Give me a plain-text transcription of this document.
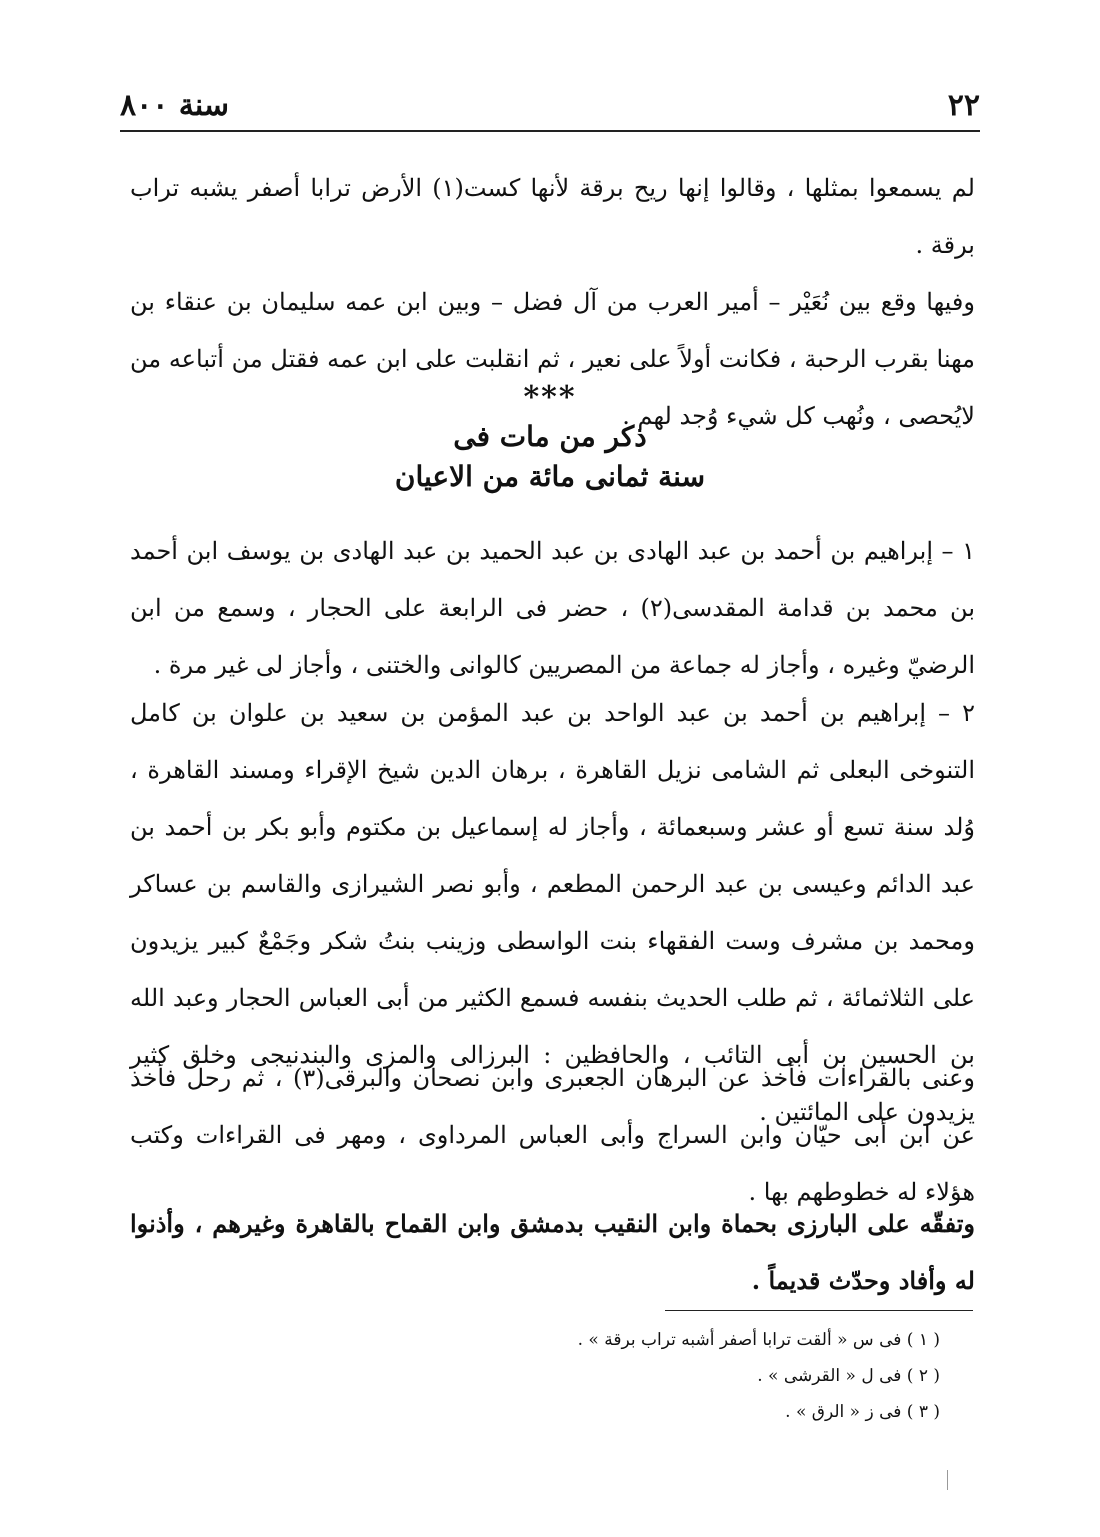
٢٢
سنة ٨٠٠
لم يسمعوا بمثلها ، وقالوا إنها ريح برقة لأنها كست(١) الأرض ترابا أصفر يشبه تراب برقة .
وفيها وقع بين نُعَيْر – أمير العرب من آل فضل – وبين ابن عمه سليمان بن عنقاء بن مهنا بقرب الرحبة ، فكانت أولاً على نعير ، ثم انقلبت على ابن عمه فقتل من أتباعه من لايُحصى ، ونُهب كل شيء وُجد لهم .
***
ذكر من مات فى
سنة ثمانى مائة من الاعيان
١ – إبراهيم بن أحمد بن عبد الهادى بن عبد الحميد بن عبد الهادى بن يوسف ابن أحمد بن محمد بن قدامة المقدسى(٢) ، حضر فى الرابعة على الحجار ، وسمع من ابن الرضيّ وغيره ، وأجاز له جماعة من المصريين كالوانى والختنى ، وأجاز لى غير مرة .
٢ – إبراهيم بن أحمد بن عبد الواحد بن عبد المؤمن بن سعيد بن علوان بن كامل التنوخى البعلى ثم الشامى نزيل القاهرة ، برهان الدين شيخ الإقراء ومسند القاهرة ، وُلد سنة تسع أو عشر وسبعمائة ، وأجاز له إسماعيل بن مكتوم وأبو بكر بن أحمد بن عبد الدائم وعيسى بن عبد الرحمن المطعم ، وأبو نصر الشيرازى والقاسم بن عساكر ومحمد بن مشرف وست الفقهاء بنت الواسطى وزينب بنتُ شكر وجَمْعٌ كبير يزيدون على الثلاثمائة ، ثم طلب الحديث بنفسه فسمع الكثير من أبى العباس الحجار وعبد الله بن الحسين بن أبى التائب ، والحافظين : البرزالى والمزى والبندنيجى وخلق كثير يزيدون على المائتين .
وعنى بالقراءات فأخذ عن البرهان الجعبرى وابن نصحان والبرقى(٣) ، ثم رحل فأخذ عن ابن أبى حيّان وابن السراج وأبى العباس المرداوى ، ومهر فى القراءات وكتب هؤلاء له خطوطهم بها .
وتفقّه على البارزى بحماة وابن النقيب بدمشق وابن القماح بالقاهرة وغيرهم ، وأذنوا له وأفاد وحدّث قديماً .
( ١ ) فى س « ألقت ترابا أصفر أشبه تراب برقة » .
( ٢ ) فى ل « القرشى » .
( ٣ ) فى ز « الرق » .
